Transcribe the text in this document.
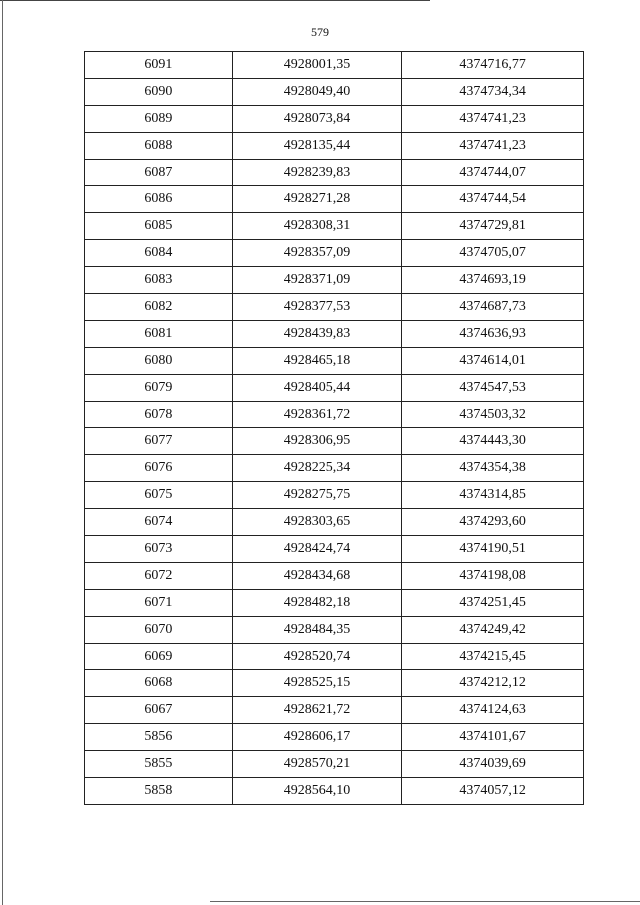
579
6091	4928001,35	4374716,77
6090	4928049,40	4374734,34
6089	4928073,84	4374741,23
6088	4928135,44	4374741,23
6087	4928239,83	4374744,07
6086	4928271,28	4374744,54
6085	4928308,31	4374729,81
6084	4928357,09	4374705,07
6083	4928371,09	4374693,19
6082	4928377,53	4374687,73
6081	4928439,83	4374636,93
6080	4928465,18	4374614,01
6079	4928405,44	4374547,53
6078	4928361,72	4374503,32
6077	4928306,95	4374443,30
6076	4928225,34	4374354,38
6075	4928275,75	4374314,85
6074	4928303,65	4374293,60
6073	4928424,74	4374190,51
6072	4928434,68	4374198,08
6071	4928482,18	4374251,45
6070	4928484,35	4374249,42
6069	4928520,74	4374215,45
6068	4928525,15	4374212,12
6067	4928621,72	4374124,63
5856	4928606,17	4374101,67
5855	4928570,21	4374039,69
5858	4928564,10	4374057,12
